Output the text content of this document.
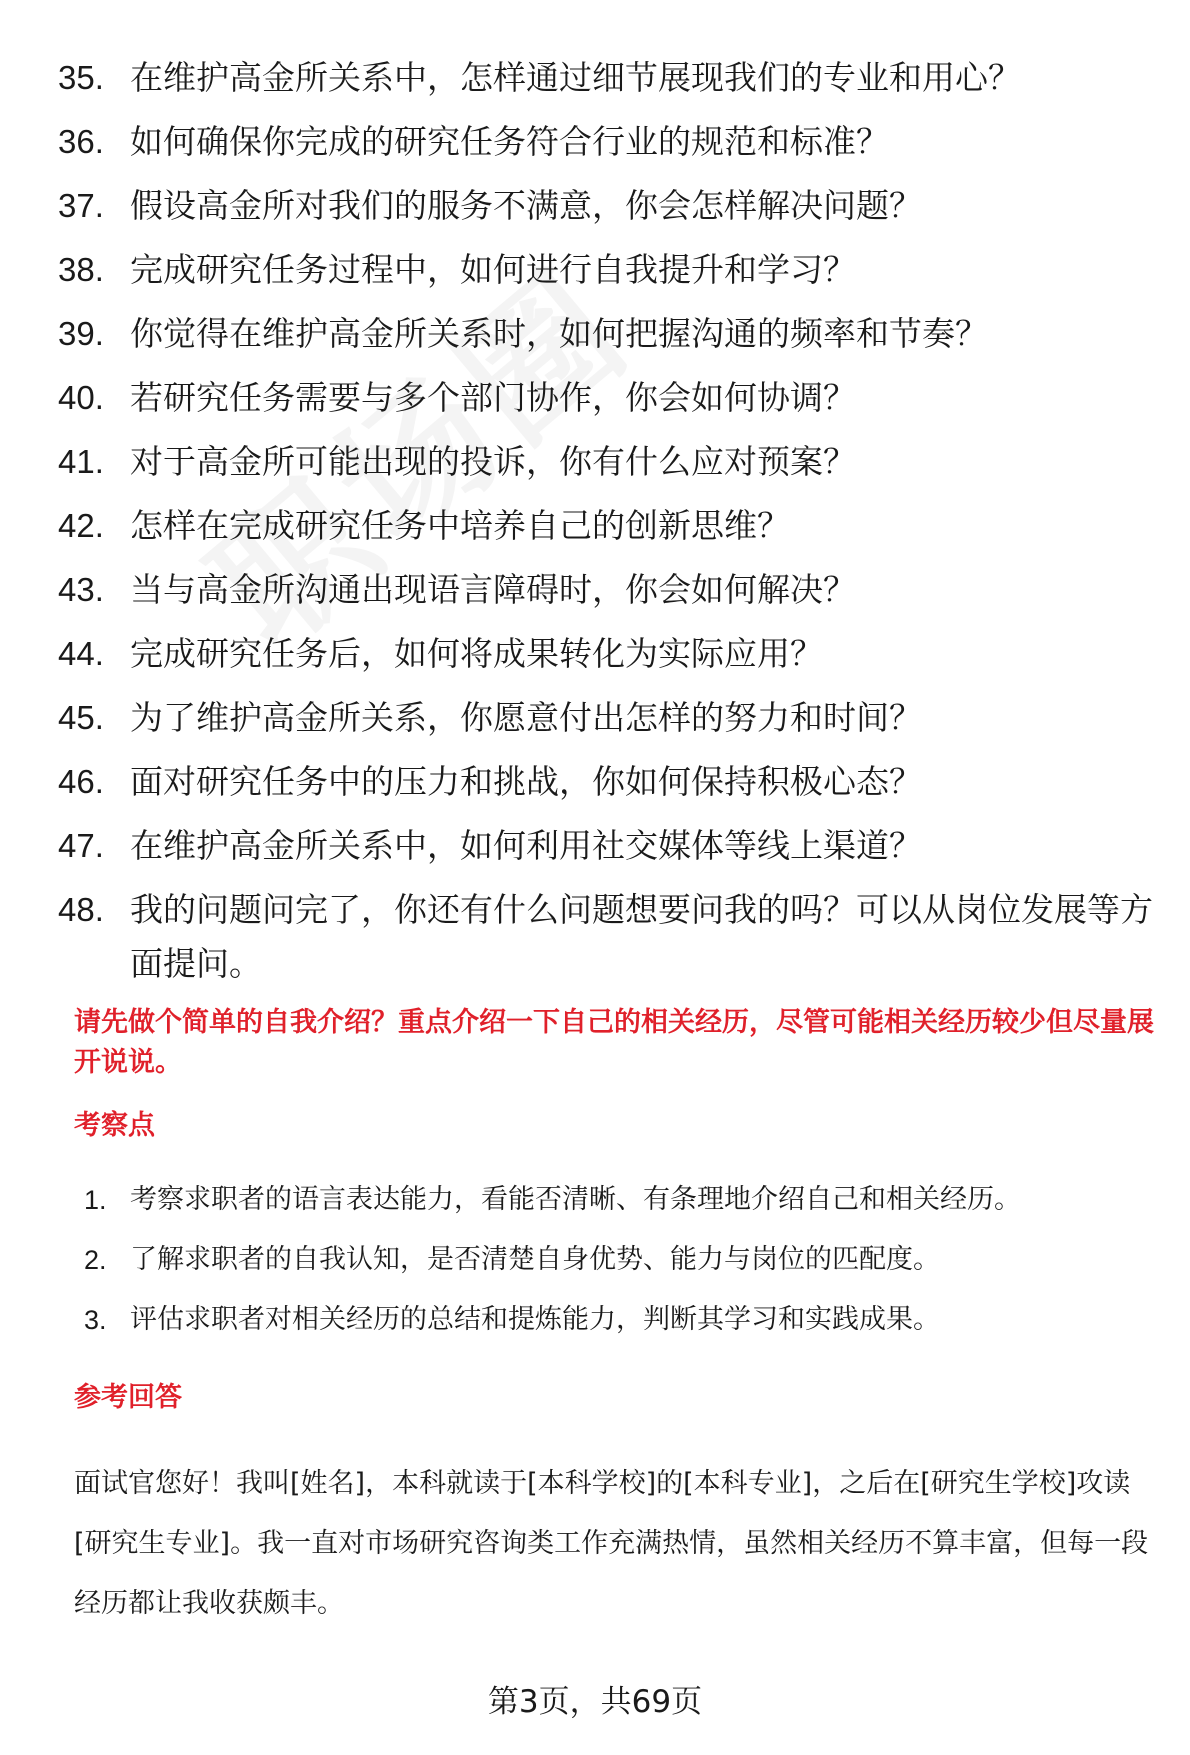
35. 在维护高金所关系中，怎样通过细节展现我们的专业和用心？
36. 如何确保你完成的研究任务符合行业的规范和标准？
37. 假设高金所对我们的服务不满意，你会怎样解决问题？
38. 完成研究任务过程中，如何进行自我提升和学习？
39. 你觉得在维护高金所关系时，如何把握沟通的频率和节奏？
40. 若研究任务需要与多个部门协作，你会如何协调？
41. 对于高金所可能出现的投诉，你有什么应对预案？
42. 怎样在完成研究任务中培养自己的创新思维？
43. 当与高金所沟通出现语言障碍时，你会如何解决？
44. 完成研究任务后，如何将成果转化为实际应用？
45. 为了维护高金所关系，你愿意付出怎样的努力和时间？
46. 面对研究任务中的压力和挑战，你如何保持积极心态？
47. 在维护高金所关系中，如何利用社交媒体等线上渠道？
48. 我的问题问完了，你还有什么问题想要问我的吗？可以从岗位发展等方面提问。
请先做个简单的自我介绍？重点介绍一下自己的相关经历，尽管可能相关经历较少但尽量展开说说。
考察点
1. 考察求职者的语言表达能力，看能否清晰、有条理地介绍自己和相关经历。
2. 了解求职者的自我认知，是否清楚自身优势、能力与岗位的匹配度。
3. 评估求职者对相关经历的总结和提炼能力，判断其学习和实践成果。
参考回答

面试官您好！我叫[姓名]，本科就读于[本科学校]的[本科专业]，之后在[研究生学校]攻读[研究生专业]。我一直对市场研究咨询类工作充满热情，虽然相关经历不算丰富，但每一段经历都让我收获颇丰。

第3页，共69页
